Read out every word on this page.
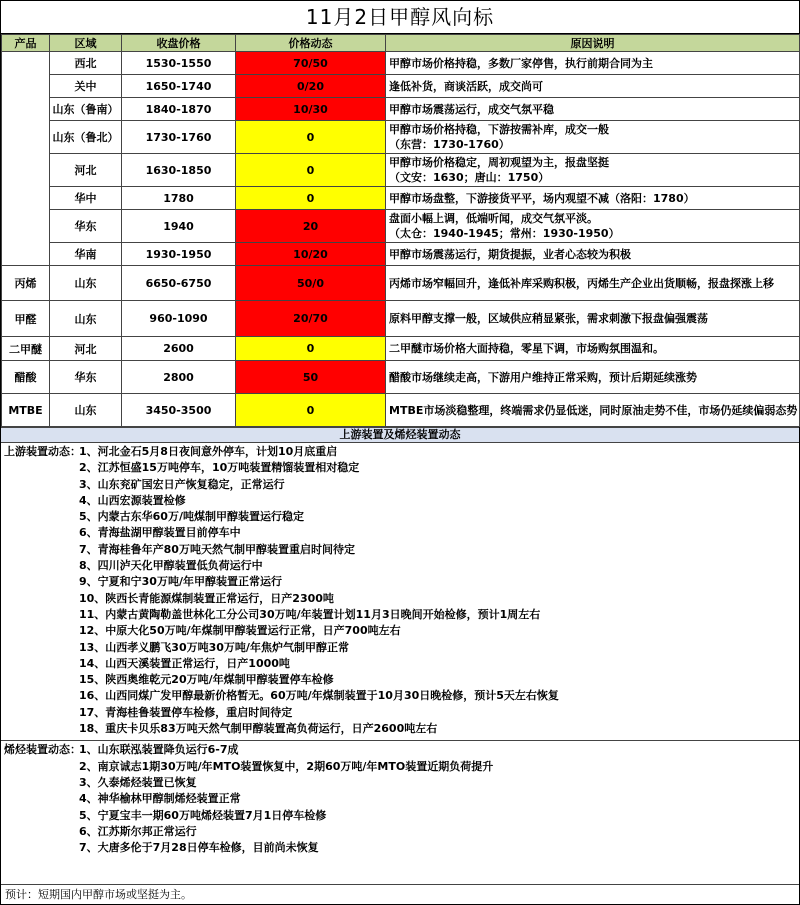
11月2日甲醇风向标
产品	区域	收盘价格	价格动态	原因说明
	西北	1530-1550	70/50	甲醇市场价格持稳，多数厂家停售，执行前期合同为主

	关中	1650-1740	0/20	逢低补货，商谈活跃，成交尚可

	山东（鲁南）	1840-1870	10/30	甲醇市场震荡运行，成交气氛平稳

	山东（鲁北）	1730-1760	0	甲醇市场价格持稳，下游按需补库，成交一般
（东营：1730-1760）

	河北	1630-1850	0	甲醇市场价格稳定，周初观望为主，报盘坚挺
（文安：1630；唐山：1750）

	华中	1780	0	甲醇市场盘整，下游接货平平，场内观望不减（洛阳：1780）

	华东	1940	20	盘面小幅上调，低端听闻，成交气氛平淡。
（太仓：1940-1945；常州：1930-1950）

	华南	1930-1950	10/20	甲醇市场震荡运行，期货提振，业者心态较为积极

丙烯	山东	6650-6750	50/0	丙烯市场窄幅回升，逢低补库采购积极，丙烯生产企业出货顺畅，报盘探涨上移

甲醛	山东	960-1090	20/70	原料甲醇支撑一般，区域供应稍显紧张，需求刺激下报盘偏强震荡

二甲醚	河北	2600	0	二甲醚市场价格大面持稳，零星下调，市场购氛围温和。

醋酸	华东	2800	50	醋酸市场继续走高，下游用户维持正常采购，预计后期延续涨势

MTBE	山东	3450-3500	0	MTBE市场淡稳整理，终端需求仍显低迷，同时原油走势不佳，市场仍延续偏弱态势
上游装置及烯烃装置动态
上游装置动态：1、河北金石5月8日夜间意外停车，计划10月底重启
2、江苏恒盛15万吨停车，10万吨装置精馏装置相对稳定
3、山东兖矿国宏日产恢复稳定，正常运行
4、山西宏源装置检修
5、内蒙古东华60万/吨煤制甲醇装置运行稳定
6、青海盐湖甲醇装置目前停车中
7、青海桂鲁年产80万吨天然气制甲醇装置重启时间待定
8、四川泸天化甲醇装置低负荷运行中
9、宁夏和宁30万吨/年甲醇装置正常运行
10、陕西长青能源煤制装置正常运行，日产2300吨
11、内蒙古黄陶勒盖世林化工分公司30万吨/年装置计划11月3日晚间开始检修，预计1周左右
12、中原大化50万吨/年煤制甲醇装置运行正常，日产700吨左右
13、山西孝义鹏飞30万吨30万吨/年焦炉气制甲醇正常
14、山西天溪装置正常运行，日产1000吨
15、陕西奥维乾元20万吨/年煤制甲醇装置停车检修
16、山西同煤广发甲醇最新价格暂无。60万吨/年煤制装置于10月30日晚检修，预计5天左右恢复
17、青海桂鲁装置停车检修，重启时间待定
18、重庆卡贝乐83万吨天然气制甲醇装置高负荷运行，日产2600吨左右
烯烃装置动态：1、山东联泓装置降负运行6-7成
2、南京诚志1期30万吨/年MTO装置恢复中，2期60万吨/年MTO装置近期负荷提升
3、久泰烯烃装置已恢复
4、神华榆林甲醇制烯烃装置正常
5、宁夏宝丰一期60万吨烯烃装置7月1日停车检修
6、江苏斯尔邦正常运行
7、大唐多伦于7月28日停车检修，目前尚未恢复
预计：短期国内甲醇市场或坚挺为主。
